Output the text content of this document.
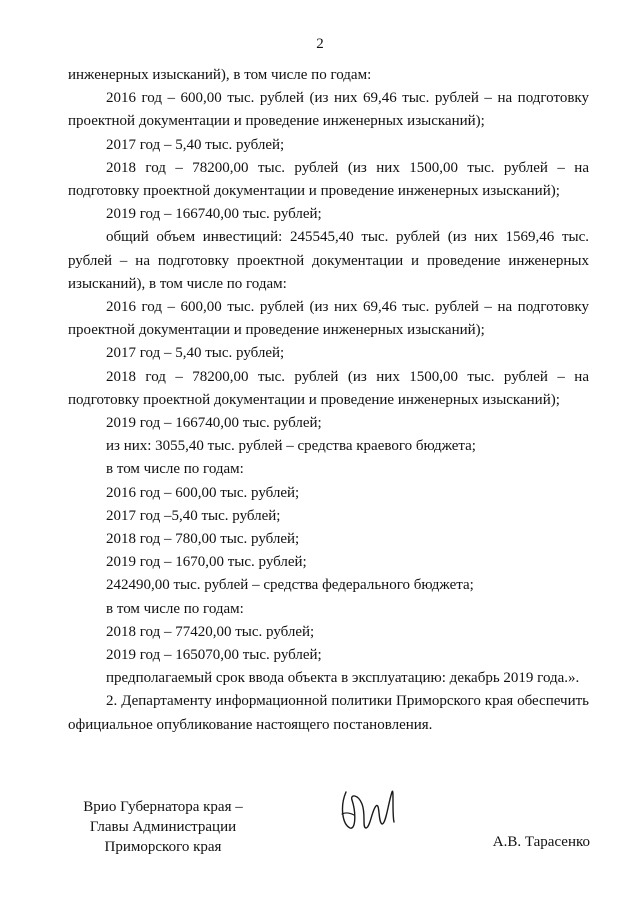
2

инженерных изысканий), в том числе по годам:

2016 год – 600,00 тыс. рублей (из них 69,46 тыс. рублей – на подготовку проектной документации и проведение инженерных изысканий);

2017 год – 5,40 тыс. рублей;

2018 год – 78200,00 тыс. рублей (из них 1500,00 тыс. рублей – на подготовку проектной документации и проведение инженерных изысканий);

2019 год – 166740,00 тыс. рублей;

общий объем инвестиций: 245545,40 тыс. рублей (из них 1569,46 тыс. рублей – на подготовку проектной документации и проведение инженерных изысканий), в том числе по годам:

2016 год – 600,00 тыс. рублей (из них 69,46 тыс. рублей – на подготовку проектной документации и проведение инженерных изысканий);

2017 год – 5,40 тыс. рублей;

2018 год – 78200,00 тыс. рублей (из них 1500,00 тыс. рублей – на подготовку проектной документации и проведение инженерных изысканий);

2019 год – 166740,00 тыс. рублей;

из них: 3055,40 тыс. рублей – средства краевого бюджета;

в том числе по годам:

2016 год – 600,00 тыс. рублей;

2017 год –5,40 тыс. рублей;

2018 год – 780,00 тыс. рублей;

2019 год – 1670,00 тыс. рублей;

242490,00 тыс. рублей – средства федерального бюджета;

в том числе по годам:

2018 год – 77420,00 тыс. рублей;

2019 год – 165070,00 тыс. рублей;

предполагаемый срок ввода объекта в эксплуатацию: декабрь 2019 года.».

2. Департаменту информационной политики Приморского края обеспечить официальное опубликование настоящего постановления.

Врио Губернатора края –
Главы Администрации
Приморского края	А.В. Тарасенко
